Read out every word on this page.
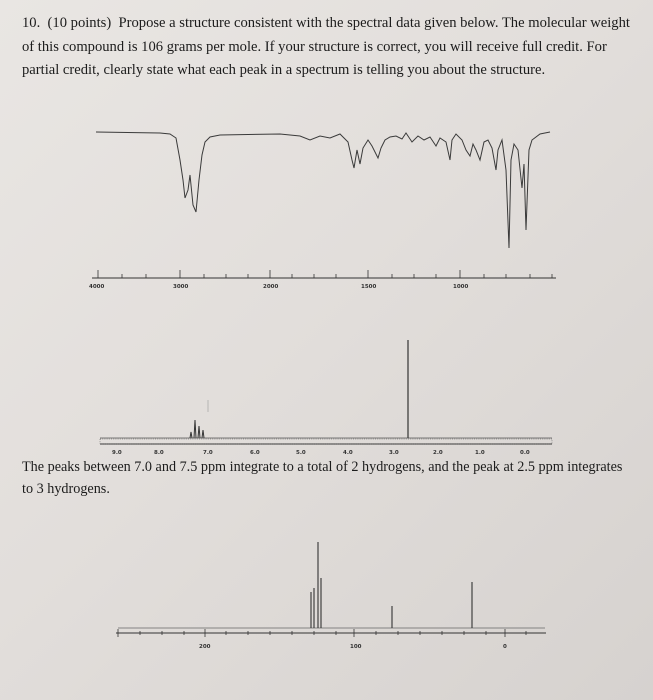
10. (10 points) Propose a structure consistent with the spectral data given below. The molecular weight of this compound is 106 grams per mole. If your structure is correct, you will receive full credit. For partial credit, clearly state what each peak in a spectrum is telling you about the structure.
4000	3000	2000	1500	1000
9.0	8.0	7.0	6.0	5.0	4.0	3.0	2.0	1.0	0.0
The peaks between 7.0 and 7.5 ppm integrate to a total of 2 hydrogens, and the peak at 2.5 ppm integrates to 3 hydrogens.
200	100	0
